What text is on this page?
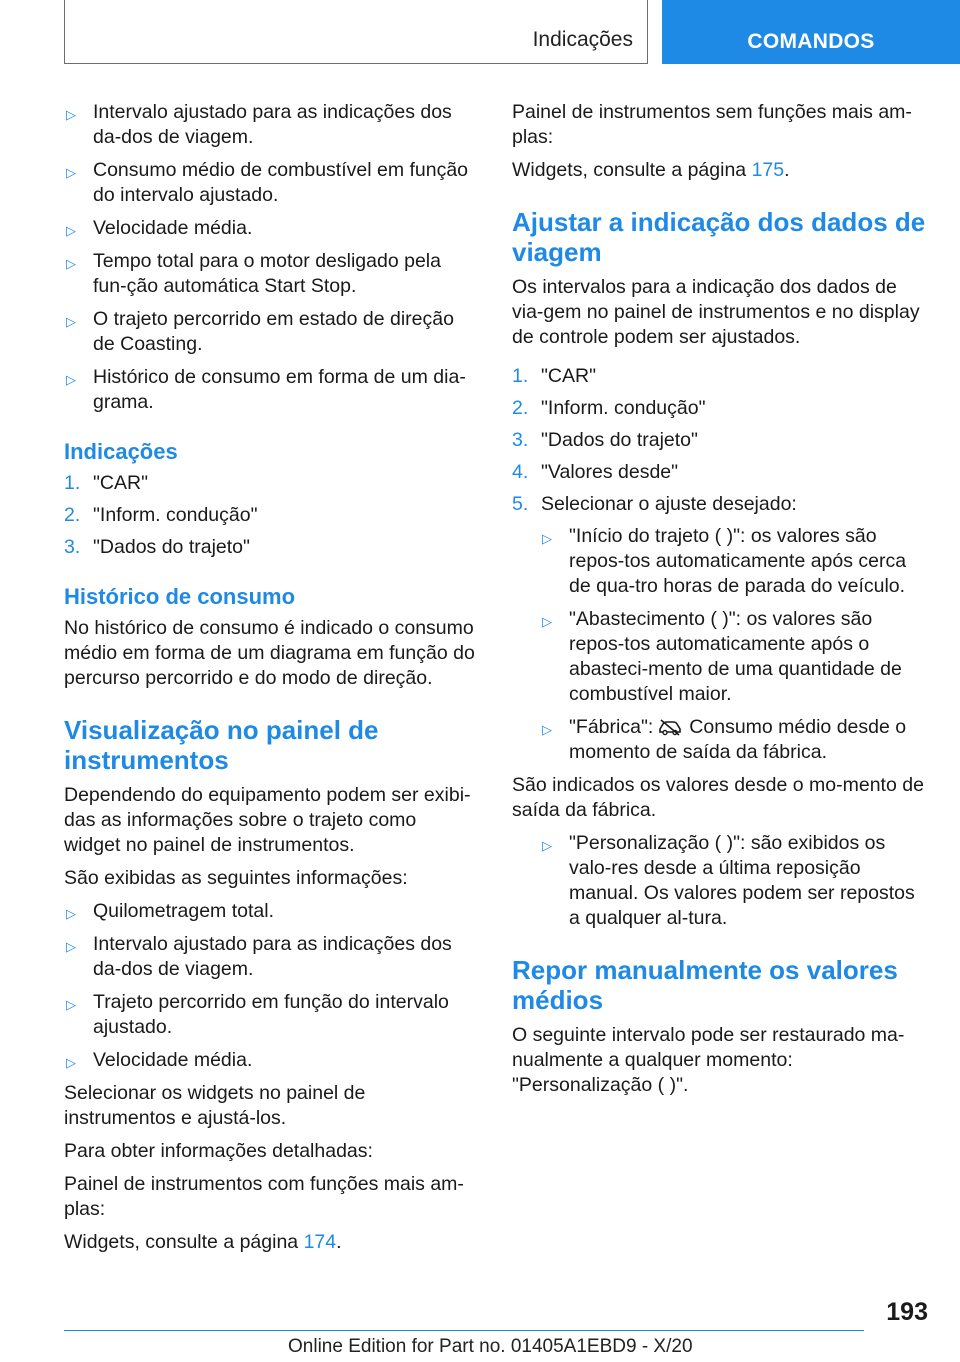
Indicações	COMANDOS
▷ Intervalo ajustado para as indicações dos da-dos de viagem.
▷ Consumo médio de combustível em função do intervalo ajustado.
▷ Velocidade média.
▷ Tempo total para o motor desligado pela fun-ção automática Start Stop.
▷ O trajeto percorrido em estado de direção de Coasting.
▷ Histórico de consumo em forma de um dia-grama.
Indicações
1. "CAR"
2. "Inform. condução"
3. "Dados do trajeto"
Histórico de consumo

No histórico de consumo é indicado o consumo médio em forma de um diagrama em função do percurso percorrido e do modo de direção.

Visualização no painel de instrumentos

Dependendo do equipamento podem ser exibi-das as informações sobre o trajeto como widget no painel de instrumentos.

São exibidas as seguintes informações:

▷ Quilometragem total.
▷ Intervalo ajustado para as indicações dos da-dos de viagem.
▷ Trajeto percorrido em função do intervalo ajustado.
▷ Velocidade média.

Selecionar os widgets no painel de instrumentos e ajustá-los.

Para obter informações detalhadas:

Painel de instrumentos com funções mais am-plas:

Widgets, consulte a página 174.

Painel de instrumentos sem funções mais am-plas:

Widgets, consulte a página 175.

Ajustar a indicação dos dados de viagem

Os intervalos para a indicação dos dados de via-gem no painel de instrumentos e no display de controle podem ser ajustados.

1. "CAR"
2. "Inform. condução"
3. "Dados do trajeto"
4. "Valores desde"
5. Selecionar o ajuste desejado:
▷ "Início do trajeto ( )": os valores são repos-tos automaticamente após cerca de qua-tro horas de parada do veículo.
▷ "Abastecimento ( )": os valores são repos-tos automaticamente após o abasteci-mento de uma quantidade de combustível maior.
▷ "Fábrica": Consumo médio desde o momento de saída da fábrica.

São indicados os valores desde o mo-mento de saída da fábrica.

▷ "Personalização ( )": são exibidos os valo-res desde a última reposição manual. Os valores podem ser repostos a qualquer al-tura.
Repor manualmente os valores médios

O seguinte intervalo pode ser restaurado ma-nualmente a qualquer momento: "Personalização ( )".

193
Online Edition for Part no. 01405A1EBD9 - X/20
